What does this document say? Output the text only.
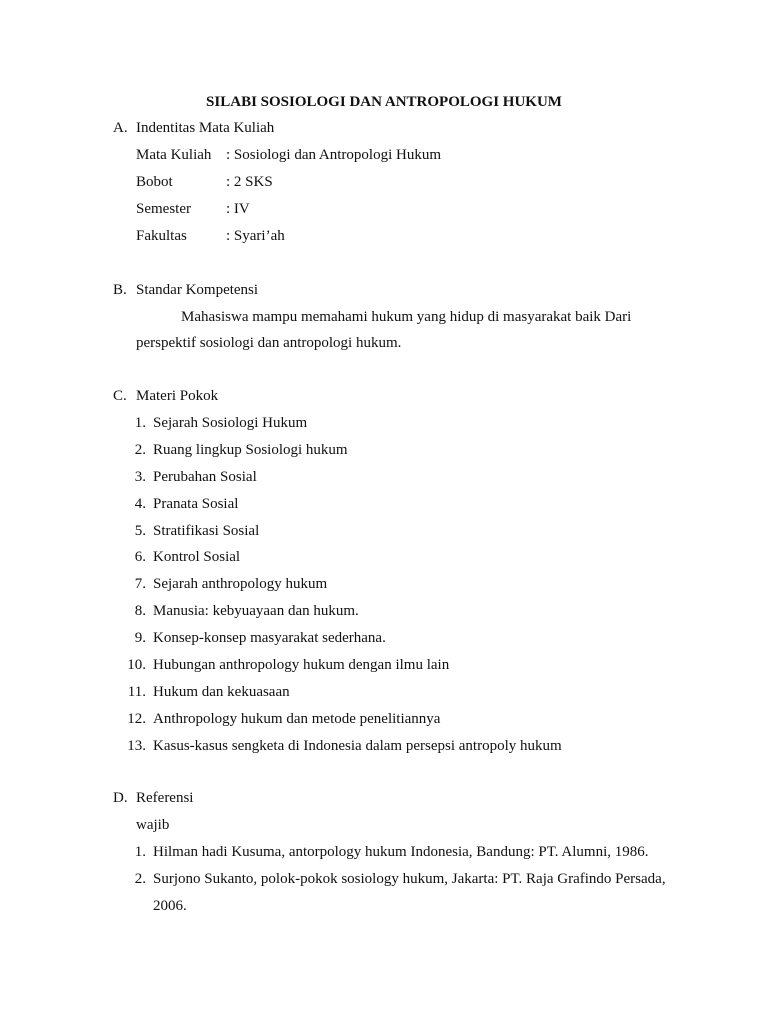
SILABI SOSIOLOGI DAN ANTROPOLOGI HUKUM
A. Indentitas Mata Kuliah
Mata Kuliah : Sosiologi dan Antropologi Hukum
Bobot	: 2 SKS
Semester : IV
Fakultas	: Syari’ah
B. Standar Kompetensi
Mahasiswa mampu memahami hukum yang hidup di masyarakat baik Dari
perspektif sosiologi dan antropologi hukum.
C. Materi Pokok
1. Sejarah Sosiologi Hukum
2. Ruang lingkup Sosiologi hukum
3. Perubahan Sosial
4. Pranata Sosial
5. Stratifikasi Sosial
6. Kontrol Sosial
7. Sejarah anthropology hukum
8. Manusia: kebyuayaan dan hukum.
9. Konsep-konsep masyarakat sederhana.
10. Hubungan anthropology hukum dengan ilmu lain
11. Hukum dan kekuasaan
12. Anthropology hukum dan metode penelitiannya
13. Kasus-kasus sengketa di Indonesia dalam persepsi antropoly hukum
D. Referensi
wajib
1. Hilman hadi Kusuma, antorpology hukum Indonesia, Bandung: PT. Alumni, 1986.
2. Surjono Sukanto, polok-pokok sosiology hukum, Jakarta: PT. Raja Grafindo Persada,
2006.
